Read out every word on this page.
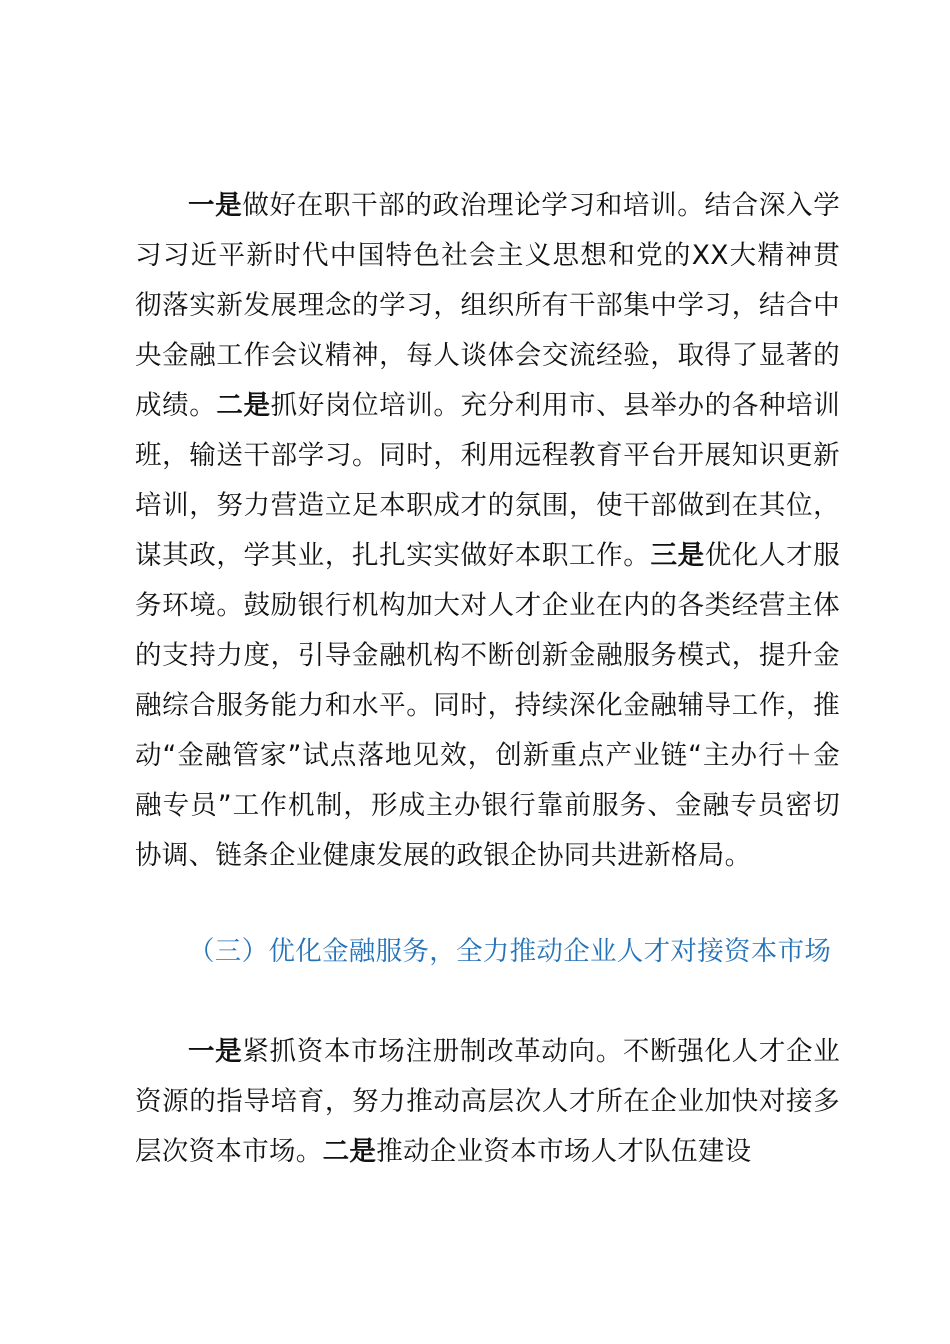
一是做好在职干部的政治理论学习和培训。结合深入学习习近平新时代中国特色社会主义思想和党的XX大精神贯彻落实新发展理念的学习，组织所有干部集中学习，结合中央金融工作会议精神，每人谈体会交流经验，取得了显著的成绩。二是抓好岗位培训。充分利用市、县举办的各种培训班，输送干部学习。同时，利用远程教育平台开展知识更新培训，努力营造立足本职成才的氛围，使干部做到在其位，谋其政，学其业，扎扎实实做好本职工作。三是优化人才服务环境。鼓励银行机构加大对人才企业在内的各类经营主体的支持力度，引导金融机构不断创新金融服务模式，提升金融综合服务能力和水平。同时，持续深化金融辅导工作，推动“金融管家”试点落地见效，创新重点产业链“主办行＋金融专员”工作机制，形成主办银行靠前服务、金融专员密切协调、链条企业健康发展的政银企协同共进新格局。

（三）优化金融服务，全力推动企业人才对接资本市场

一是紧抓资本市场注册制改革动向。不断强化人才企业资源的指导培育，努力推动高层次人才所在企业加快对接多层次资本市场。二是推动企业资本市场人才队伍建设
